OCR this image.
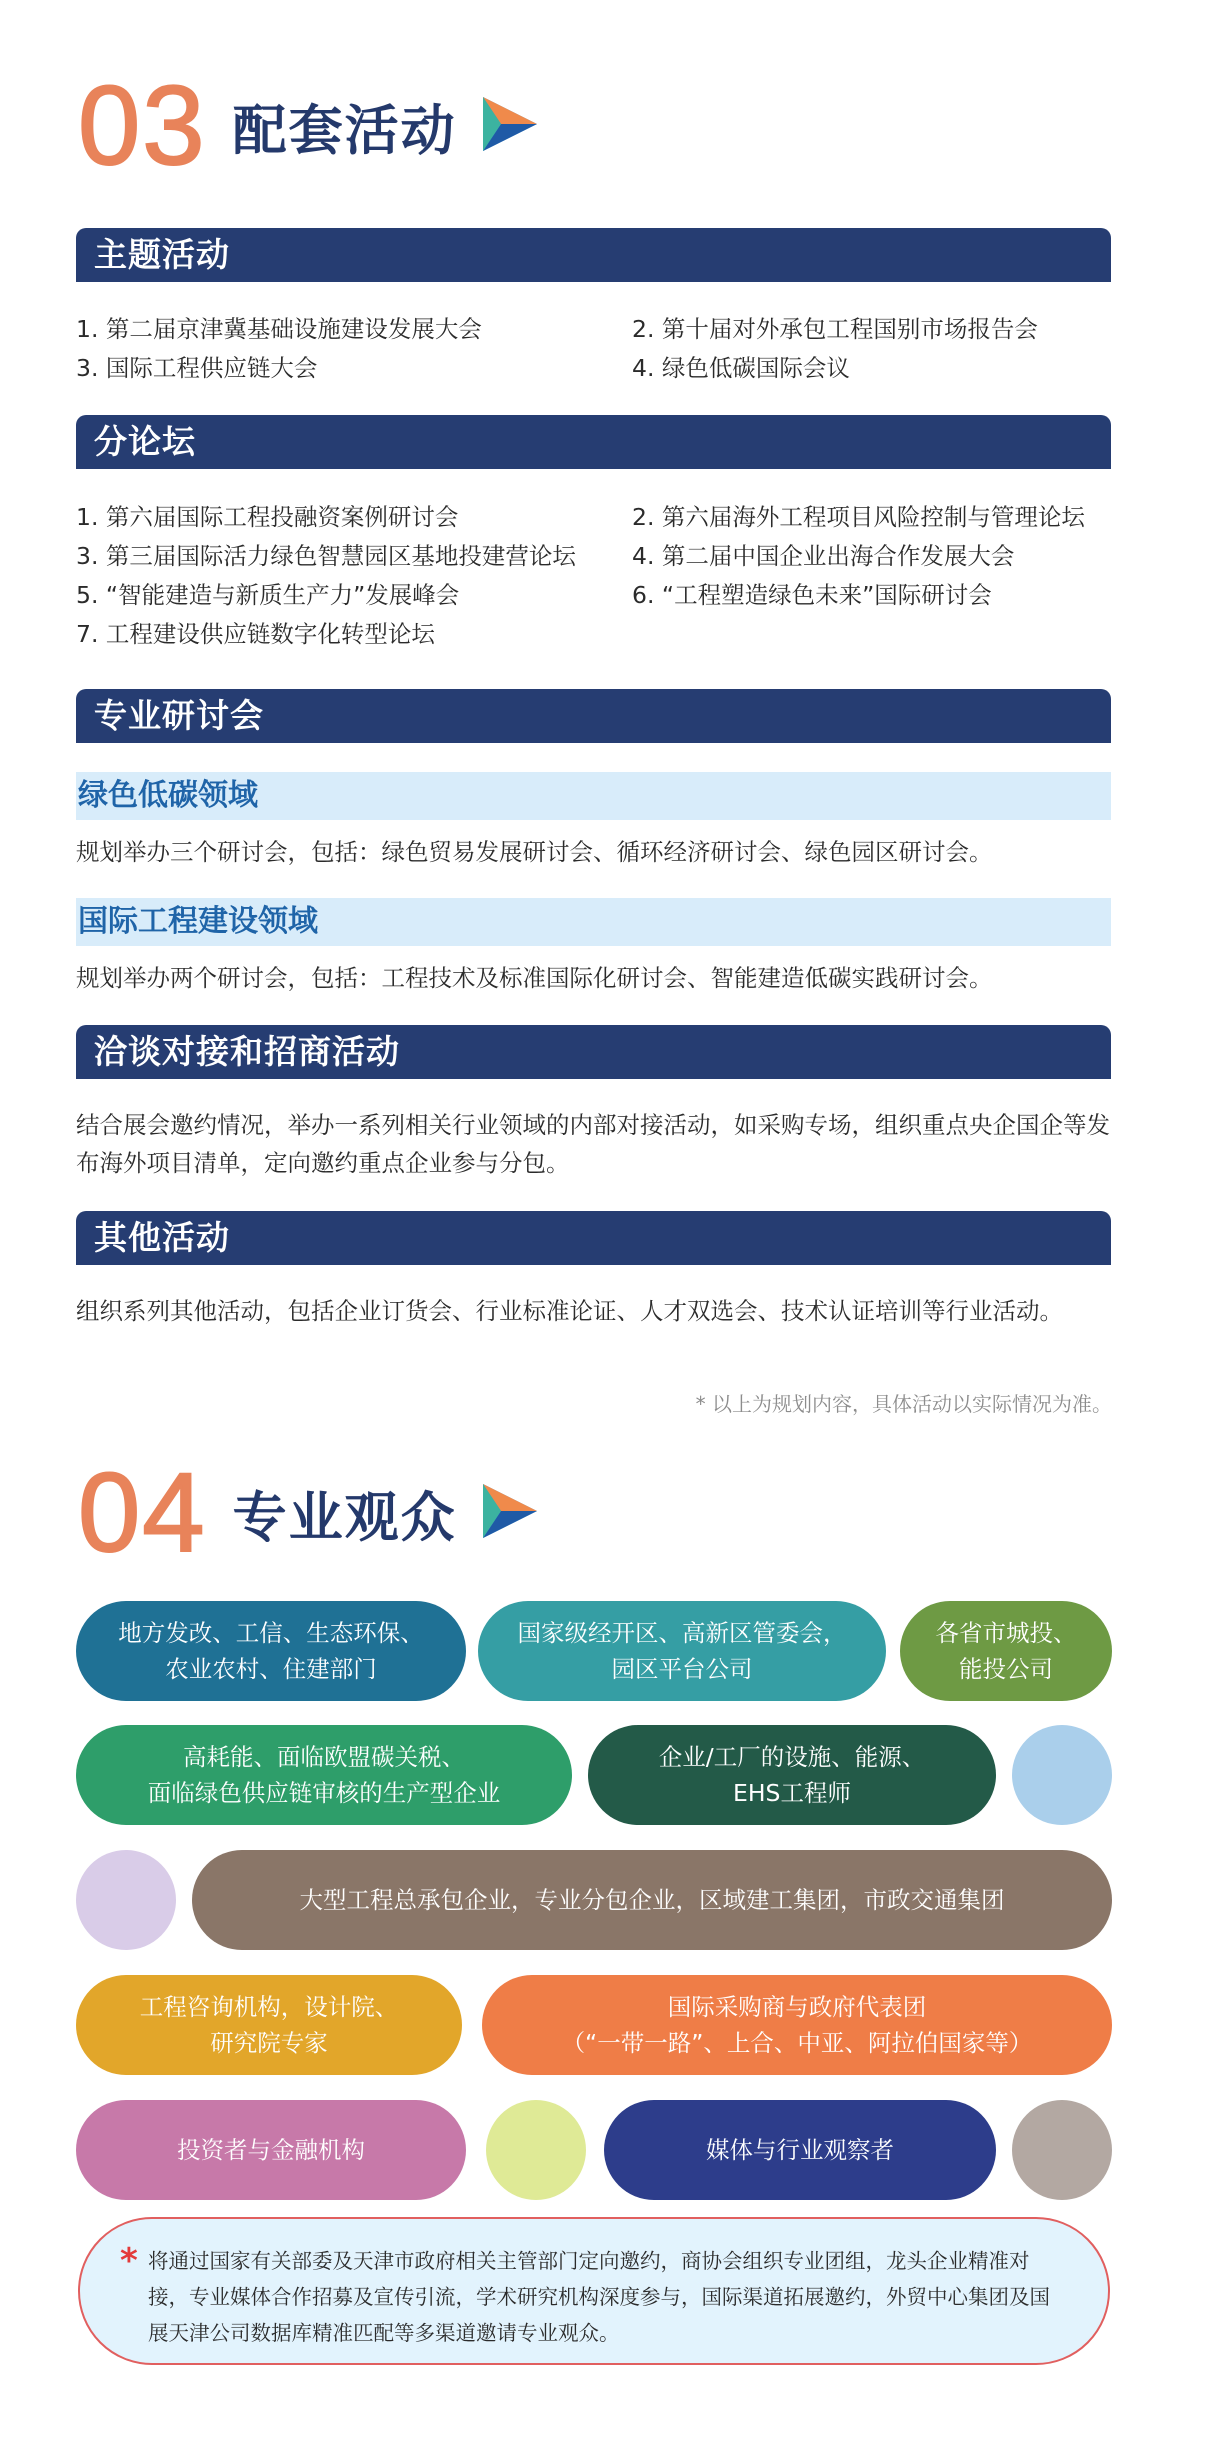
03 配套活动
主题活动
1. 第二届京津冀基础设施建设发展大会	2. 第十届对外承包工程国别市场报告会
3. 国际工程供应链大会	4. 绿色低碳国际会议
分论坛
1. 第六届国际工程投融资案例研讨会	2. 第六届海外工程项目风险控制与管理论坛
3. 第三届国际活力绿色智慧园区基地投建营论坛	4. 第二届中国企业出海合作发展大会
5. “智能建造与新质生产力”发展峰会	6. “工程塑造绿色未来”国际研讨会
7. 工程建设供应链数字化转型论坛
专业研讨会
绿色低碳领域
规划举办三个研讨会，包括：绿色贸易发展研讨会、循环经济研讨会、绿色园区研讨会。
国际工程建设领域
规划举办两个研讨会，包括：工程技术及标准国际化研讨会、智能建造低碳实践研讨会。
洽谈对接和招商活动
结合展会邀约情况，举办一系列相关行业领域的内部对接活动，如采购专场，组织重点央企国企等发布海外项目清单，定向邀约重点企业参与分包。
其他活动
组织系列其他活动，包括企业订货会、行业标准论证、人才双选会、技术认证培训等行业活动。
* 以上为规划内容，具体活动以实际情况为准。
04 专业观众
地方发改、工信、生态环保、
农业农村、住建部门
国家级经开区、高新区管委会，
园区平台公司
各省市城投、
能投公司
高耗能、面临欧盟碳关税、
面临绿色供应链审核的生产型企业
企业/工厂的设施、能源、
EHS工程师
大型工程总承包企业，专业分包企业，区域建工集团，市政交通集团
工程咨询机构，设计院、
研究院专家
国际采购商与政府代表团
（“一带一路”、上合、中亚、阿拉伯国家等）
投资者与金融机构	媒体与行业观察者
* 将通过国家有关部委及天津市政府相关主管部门定向邀约，商协会组织专业团组，龙头企业精准对接，专业媒体合作招募及宣传引流，学术研究机构深度参与，国际渠道拓展邀约，外贸中心集团及国展天津公司数据库精准匹配等多渠道邀请专业观众。
